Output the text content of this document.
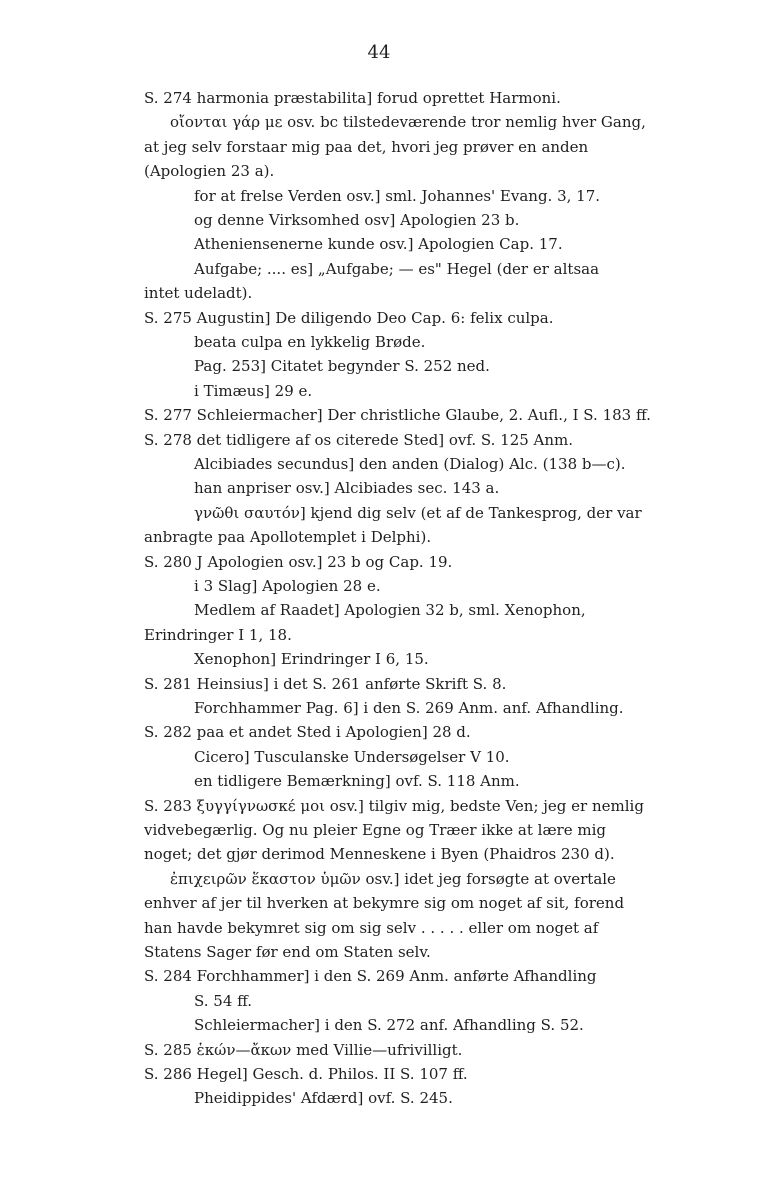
44
S. 274 harmonia præstabilita] forud oprettet Harmoni.
οἴονται γάρ με osv. bc tilstedeværende tror nemlig hver Gang,
at jeg selv forstaar mig paa det, hvori jeg prøver en anden
(Apologien 23 a).
for at frelse Verden osv.] sml. Johannes' Evang. 3, 17.
og denne Virksomhed osv] Apologien 23 b.
Atheniensenerne kunde osv.] Apologien Cap. 17.
Aufgabe; .... es] „Aufgabe; — es" Hegel (der er altsaa
intet udeladt).
S. 275 Augustin] De diligendo Deo Cap. 6: felix culpa.
beata culpa en lykkelig Brøde.
Pag. 253] Citatet begynder S. 252 ned.
i Timæus] 29 e.
S. 277 Schleiermacher] Der christliche Glaube, 2. Aufl., I S. 183 ff.
S. 278 det tidligere af os citerede Sted] ovf. S. 125 Anm.
Alcibiades secundus] den anden (Dialog) Alc. (138 b—c).
han anpriser osv.] Alcibiades sec. 143 a.
γνῶθι σαυτόν] kjend dig selv (et af de Tankesprog, der var
anbragte paa Apollotemplet i Delphi).
S. 280 J Apologien osv.] 23 b og Cap. 19.
i 3 Slag] Apologien 28 e.
Medlem af Raadet] Apologien 32 b, sml. Xenophon,
Erindringer I 1, 18.
Xenophon] Erindringer I 6, 15.
S. 281 Heinsius] i det S. 261 anførte Skrift S. 8.
Forchhammer Pag. 6] i den S. 269 Anm. anf. Afhandling.
S. 282 paa et andet Sted i Apologien] 28 d.
Cicero] Tusculanske Undersøgelser V 10.
en tidligere Bemærkning] ovf. S. 118 Anm.
S. 283 ξυγγίγνωσκέ μοι osv.] tilgiv mig, bedste Ven; jeg er nemlig
vidvebegærlig. Og nu pleier Egne og Træer ikke at lære mig
noget; det gjør derimod Menneskene i Byen (Phaidros 230 d).
ἐπιχειρῶν ἕκαστον ὑμῶν osv.] idet jeg forsøgte at overtale
enhver af jer til hverken at bekymre sig om noget af sit, forend
han havde bekymret sig om sig selv . . . . . eller om noget af
Statens Sager før end om Staten selv.
S. 284 Forchhammer] i den S. 269 Anm. anførte Afhandling
S. 54 ff.
Schleiermacher] i den S. 272 anf. Afhandling S. 52.
S. 285 ἑκών—ἄκων med Villie—ufrivilligt.
S. 286 Hegel] Gesch. d. Philos. II S. 107 ff.
Pheidippides' Afdærd] ovf. S. 245.
